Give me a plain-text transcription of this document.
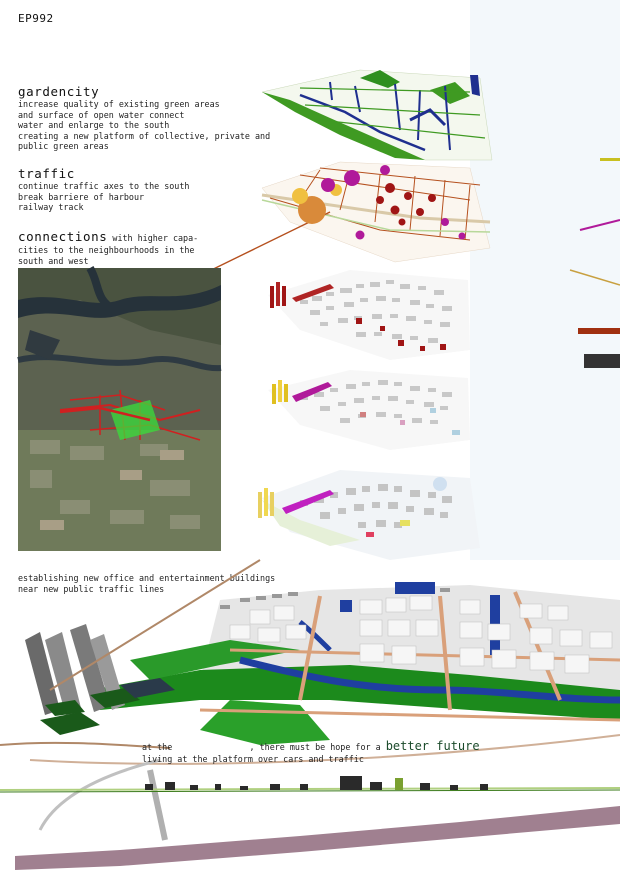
EP992
gardencity
increase quality of existing green areas
and surface of open water connect
water and enlarge to the south
creating a new platform of collective, private and
public green areas
traffic
continue traffic axes to the south
break barriere of harbour
railway track
connections with higher capa-
cities to the neighbourhoods in the
south and west
establishing new office and entertainment buildings
near new public traffic lines
at the urban edge, there must be hope for a better future
living at the platform over cars and traffic
